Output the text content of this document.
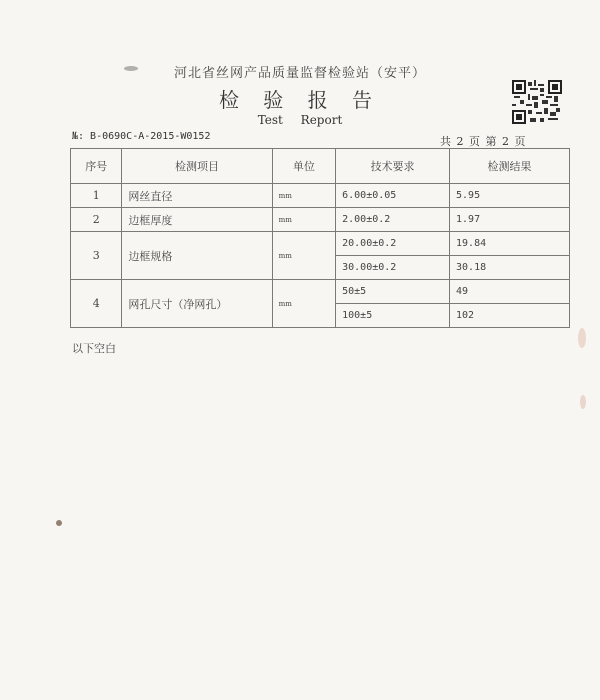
河北省丝网产品质量监督检验站（安平）
检 验 报 告
Test Report
№: B-0690C-A-2015-W0152	共 2 页 第 2 页
序号	检测项目	单位	技术要求	检测结果
1	网丝直径	mm	6.00±0.05	5.95
2	边框厚度	mm	2.00±0.2	1.97
3	边框规格	mm	20.00±0.2	19.84
			30.00±0.2	30.18
4	网孔尺寸（净网孔）	mm	50±5	49
			100±5	102
以下空白
